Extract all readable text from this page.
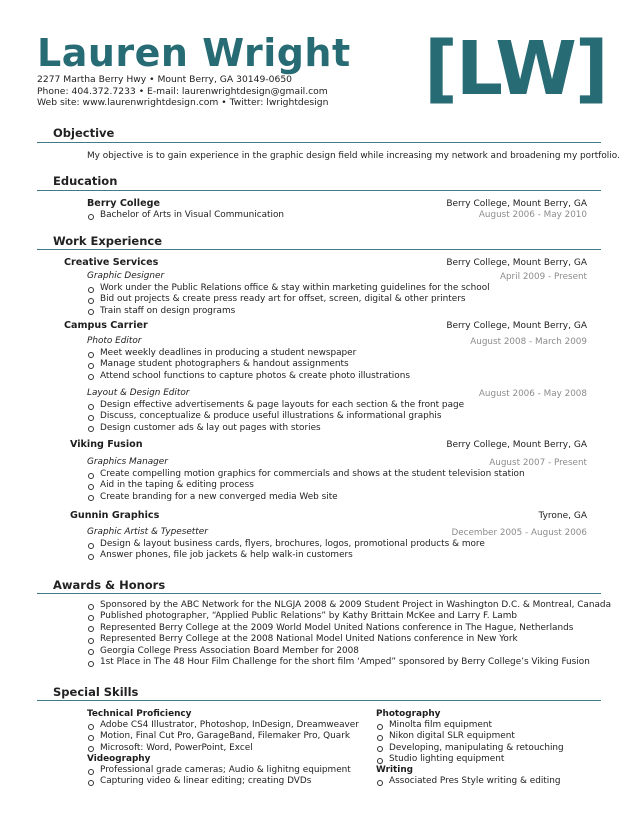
Lauren Wright
2277 Martha Berry Hwy • Mount Berry, GA 30149-0650
Phone: 404.372.7233 • E-mail: laurenwrightdesign@gmail.com
Web site: www.laurenwrightdesign.com • Twitter: lwrightdesign [LW]
Objective
My objective is to gain experience in the graphic design field while increasing my network and broadening my portfolio.
Education
Berry College	Berry College, Mount Berry, GA
August 2006 - May 2010
Bachelor of Arts in Visual Communication
Work Experience
Creative Services	Berry College, Mount Berry, GA
Graphic Designer	April 2009 - Present
Work under the Public Relations office & stay within marketing guidelines for the school
Bid out projects & create press ready art for offset, screen, digital & other printers
Train staff on design programs
Campus Carrier	Berry College, Mount Berry, GA
Photo Editor	August 2008 - March 2009
Meet weekly deadlines in producing a student newspaper
Manage student photographers & handout assignments
Attend school functions to capture photos & create photo illustrations
Layout & Design Editor	August 2006 - May 2008
Design effective advertisements & page layouts for each section & the front page
Discuss, conceptualize & produce useful illustrations & informational graphis
Design customer ads & lay out pages with stories
Viking Fusion	Berry College, Mount Berry, GA
Graphics Manager	August 2007 - Present
Create compelling motion graphics for commercials and shows at the student television station
Aid in the taping & editing process
Create branding for a new converged media Web site
Gunnin Graphics	Tyrone, GA
Graphic Artist & Typesetter	December 2005 - August 2006
Design & layout business cards, flyers, brochures, logos, promotional products & more
Answer phones, file job jackets & help walk-in customers
Awards & Honors
Sponsored by the ABC Network for the NLGJA 2008 & 2009 Student Project in Washington D.C. & Montreal, Canada
Published photographer, “Applied Public Relations” by Kathy Brittain McKee and Larry F. Lamb
Represented Berry College at the 2009 World Model United Nations conference in The Hague, Netherlands
Represented Berry College at the 2008 National Model United Nations conference in New York
Georgia College Press Association Board Member for 2008
1st Place in The 48 Hour Film Challenge for the short film ‘Amped” sponsored by Berry College’s Viking Fusion
Special Skills
Technical Proficiency
Adobe CS4 Illustrator, Photoshop, InDesign, Dreamweaver
Motion, Final Cut Pro, GarageBand, Filemaker Pro, Quark
Microsoft: Word, PowerPoint, Excel
Videography
Professional grade cameras; Audio & lighitng equipment
Capturing video & linear editing; creating DVDs
Photography
Minolta film equipment
Nikon digital SLR equipment
Developing, manipulating & retouching
Studio lighting equipment
Writing
Associated Pres Style writing & editing
